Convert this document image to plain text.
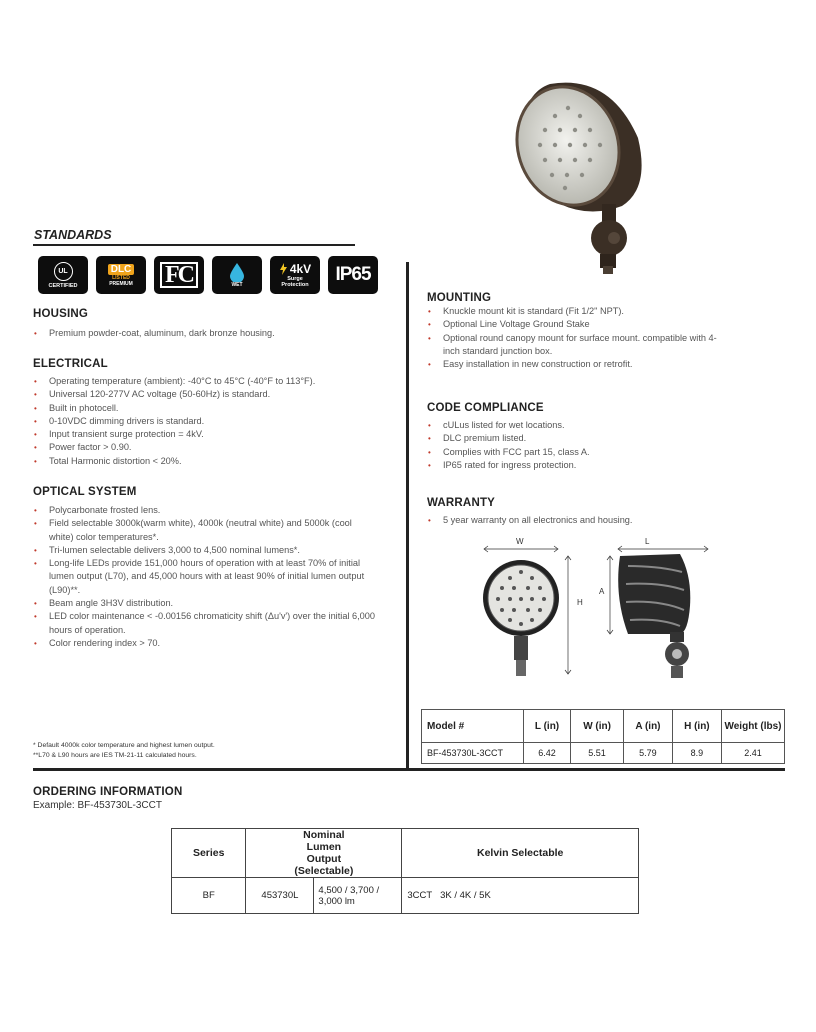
STANDARDS
UL
CERTIFIED
DLC
LISTED
PREMIUM FC	WET
4kV
Surge
Protection IP65
HOUSING
• Premium powder-coat, aluminum, dark bronze housing.
ELECTRICAL
• Operating temperature (ambient): -40°C to 45°C (-40°F to 113°F).
• Universal 120-277V AC voltage (50-60Hz) is standard.
• Built in photocell.
• 0-10VDC dimming drivers is standard.
• Input transient surge protection = 4kV.
• Power factor > 0.90.
• Total Harmonic distortion < 20%.
OPTICAL SYSTEM
• Polycarbonate frosted lens.
• Field selectable 3000k(warm white), 4000k (neutral white) and 5000k (cool white) color temperatures*.
• Tri-lumen selectable delivers 3,000 to 4,500 nominal lumens*.
• Long-life LEDs provide 151,000 hours of operation with at least 70% of initial lumen output (L70), and 45,000 hours with at least 90% of initial lumen output (L90)**.
• Beam angle 3H3V distribution.
• LED color maintenance < -0.00156 chromaticity shift (Δu'v') over the initial 6,000 hours of operation.
• Color rendering index > 70.
* Default 4000k color temperature and highest lumen output.
**L70 & L90 hours are IES TM-21-11 calculated hours.
MOUNTING
• Knuckle mount kit is standard (Fit 1/2" NPT).
• Optional Line Voltage Ground Stake
• Optional round canopy mount for surface mount. compatible with 4-inch standard junction box.
• Easy installation in new construction or retrofit.
CODE COMPLIANCE
• cULus listed for wet locations.
• DLC premium listed.
• Complies with FCC part 15, class A.
• IP65 rated for ingress protection.
WARRANTY
• 5 year warranty on all electronics and housing.
W
H
L
A
Model #	L (in)	W (in)	A (in)	H (in)	Weight (lbs)
BF-453730L-3CCT	6.42	5.51	5.79	8.9	2.41
ORDERING INFORMATION
Example: BF-453730L-3CCT
Series	Nominal Lumen Output (Selectable)		Kelvin Selectable
BF	453730L	4,500 / 3,700 / 3,000 lm	3CCT 3K / 4K / 5K
